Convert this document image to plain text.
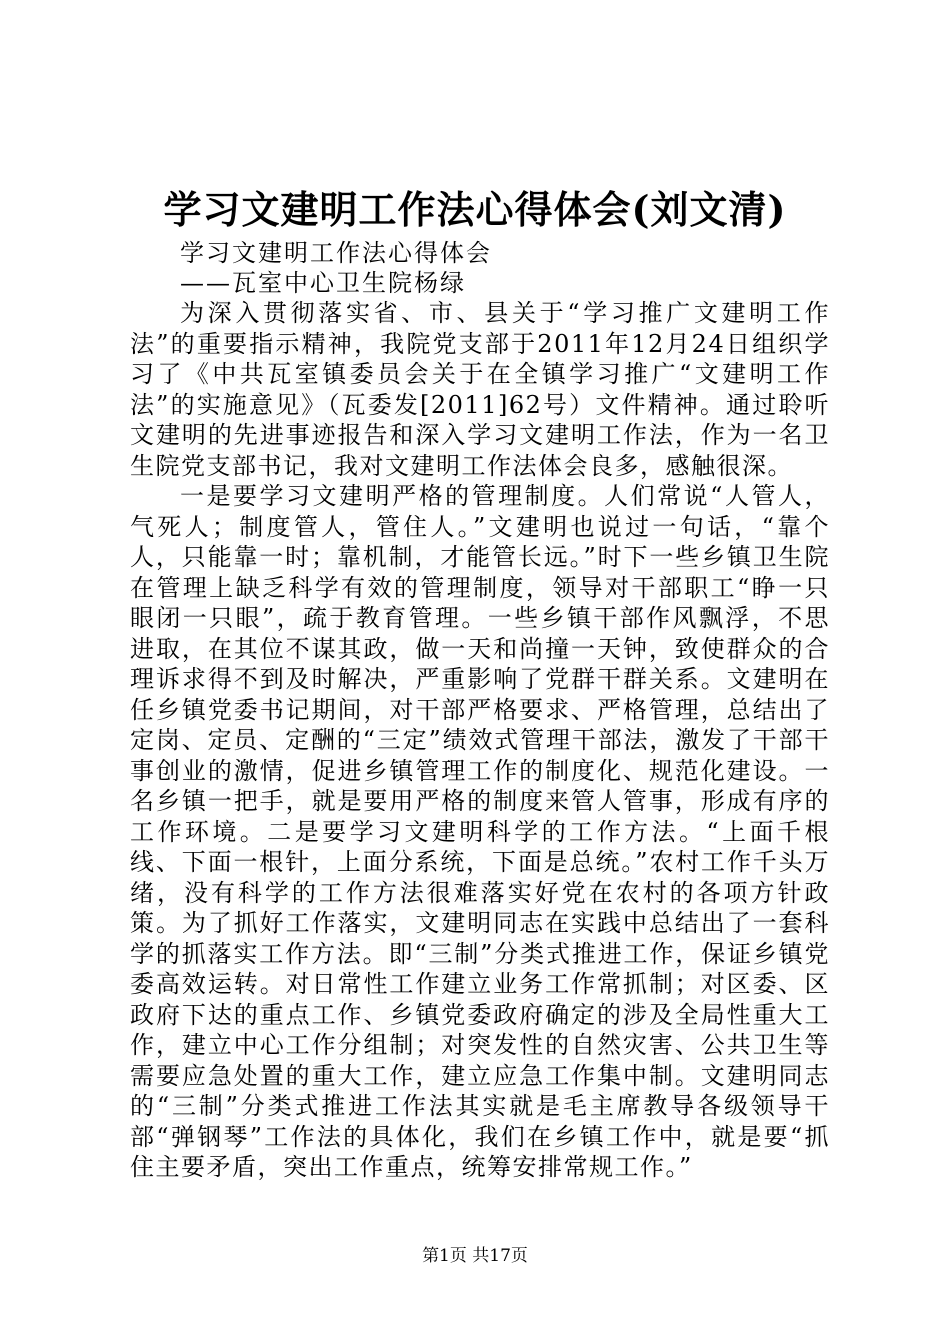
学习文建明工作法心得体会(刘文清)
学习文建明工作法心得体会
——瓦室中心卫生院杨绿

为深入贯彻落实省、市、县关于“学习推广文建明工作法”的重要指示精神，我院党支部于2011年12月24日组织学习了《中共瓦室镇委员会关于在全镇学习推广“文建明工作法”的实施意见》（瓦委发[2011]62号）文件精神。通过聆听文建明的先进事迹报告和深入学习文建明工作法，作为一名卫生院党支部书记，我对文建明工作法体会良多，感触很深。

一是要学习文建明严格的管理制度。人们常说“人管人，气死人；制度管人，管住人。”文建明也说过一句话，“靠个人，只能靠一时；靠机制，才能管长远。”时下一些乡镇卫生院在管理上缺乏科学有效的管理制度，领导对干部职工“睁一只眼闭一只眼”，疏于教育管理。一些乡镇干部作风飘浮，不思进取，在其位不谋其政，做一天和尚撞一天钟，致使群众的合理诉求得不到及时解决，严重影响了党群干群关系。文建明在任乡镇党委书记期间，对干部严格要求、严格管理，总结出了定岗、定员、定酬的“三定”绩效式管理干部法，激发了干部干事创业的激情，促进乡镇管理工作的制度化、规范化建设。一名乡镇一把手，就是要用严格的制度来管人管事，形成有序的工作环境。二是要学习文建明科学的工作方法。“上面千根线、下面一根针，上面分系统，下面是总统。”农村工作千头万绪，没有科学的工作方法很难落实好党在农村的各项方针政策。为了抓好工作落实，文建明同志在实践中总结出了一套科学的抓落实工作方法。即“三制”分类式推进工作，保证乡镇党委高效运转。对日常性工作建立业务工作常抓制；对区委、区政府下达的重点工作、乡镇党委政府确定的涉及全局性重大工作，建立中心工作分组制；对突发性的自然灾害、公共卫生等需要应急处置的重大工作，建立应急工作集中制。文建明同志的“三制”分类式推进工作法其实就是毛主席教导各级领导干部“弹钢琴”工作法的具体化，我们在乡镇工作中，就是要“抓住主要矛盾，突出工作重点，统筹安排常规工作。”

第1页 共17页
